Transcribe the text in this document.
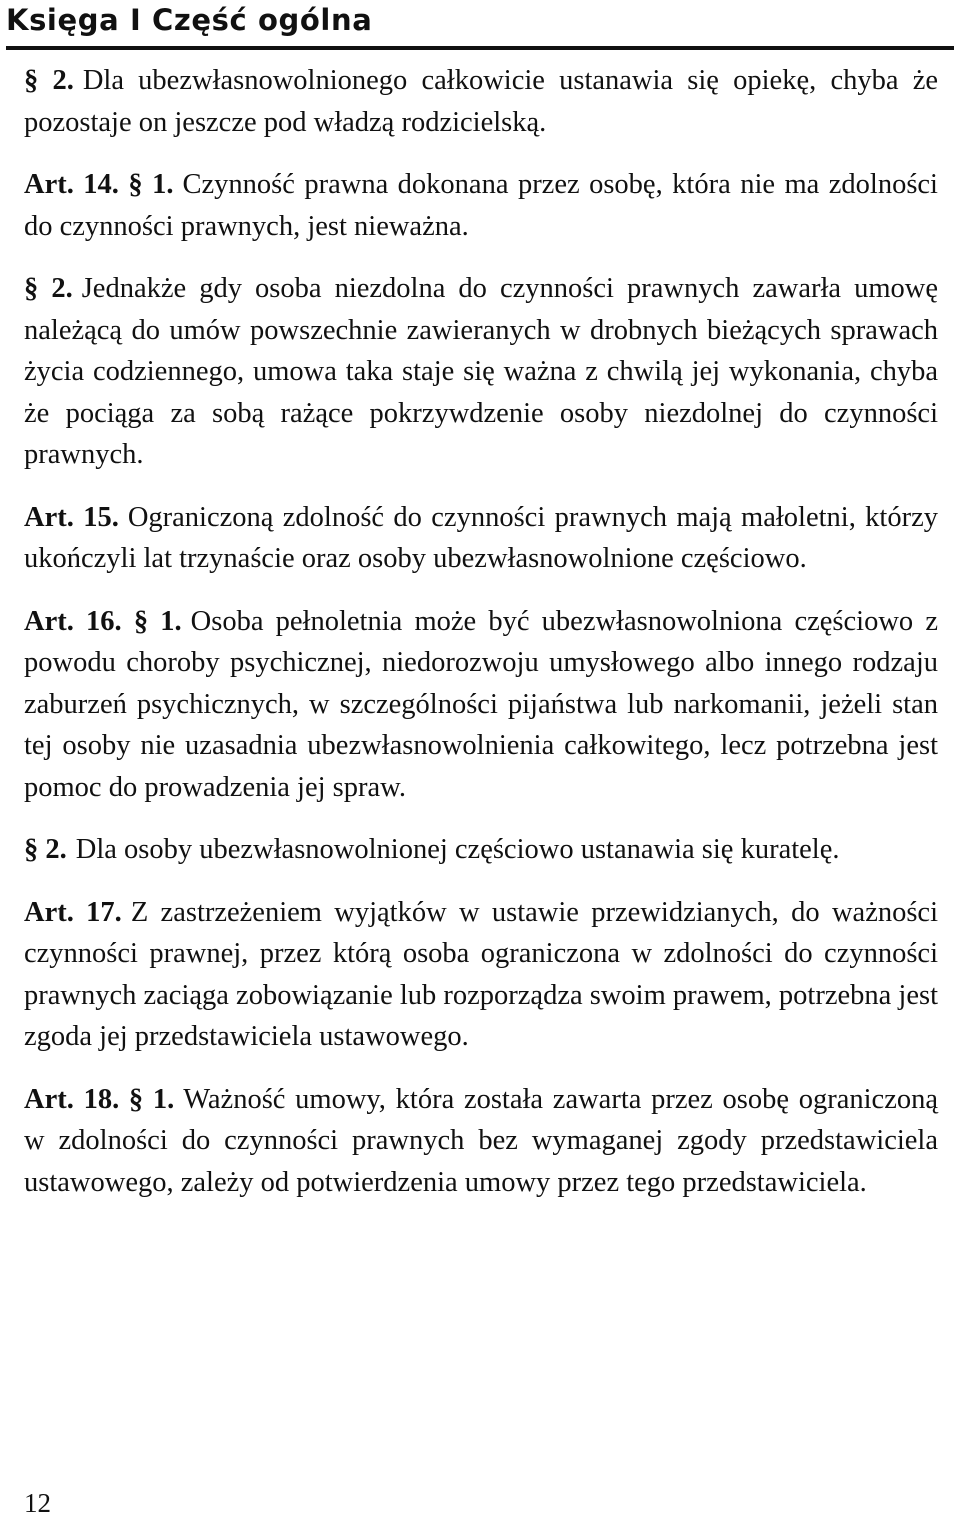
Księga I Część ogólna

§ 2. Dla ubezwłasnowolnionego całkowicie ustanawia się opiekę, chyba że pozostaje on jeszcze pod władzą rodzicielską.

Art. 14. § 1. Czynność prawna dokonana przez osobę, która nie ma zdolności do czynności prawnych, jest nieważna.

§ 2. Jednakże gdy osoba niezdolna do czynności prawnych zawarła umowę należącą do umów powszechnie zawieranych w drobnych bieżących sprawach życia codziennego, umowa taka staje się ważna z chwilą jej wykonania, chyba że pociąga za sobą rażące pokrzywdzenie osoby niezdolnej do czynności prawnych.

Art. 15. Ograniczoną zdolność do czynności prawnych mają małoletni, którzy ukończyli lat trzynaście oraz osoby ubezwłasnowolnione częściowo.

Art. 16. § 1. Osoba pełnoletnia może być ubezwłasnowolniona częściowo z powodu choroby psychicznej, niedorozwoju umysłowego albo innego rodzaju zaburzeń psychicznych, w szczególności pijaństwa lub narkomanii, jeżeli stan tej osoby nie uzasadnia ubezwłasnowolnienia całkowitego, lecz potrzebna jest pomoc do prowadzenia jej spraw.

§ 2. Dla osoby ubezwłasnowolnionej częściowo ustanawia się kuratelę.

Art. 17. Z zastrzeżeniem wyjątków w ustawie przewidzianych, do ważności czynności prawnej, przez którą osoba ograniczona w zdolności do czynności prawnych zaciąga zobowiązanie lub rozporządza swoim prawem, potrzebna jest zgoda jej przedstawiciela ustawowego.

Art. 18. § 1. Ważność umowy, która została zawarta przez osobę ograniczoną w zdolności do czynności prawnych bez wymaganej zgody przedstawiciela ustawowego, zależy od potwierdzenia umowy przez tego przedstawiciela.

12
